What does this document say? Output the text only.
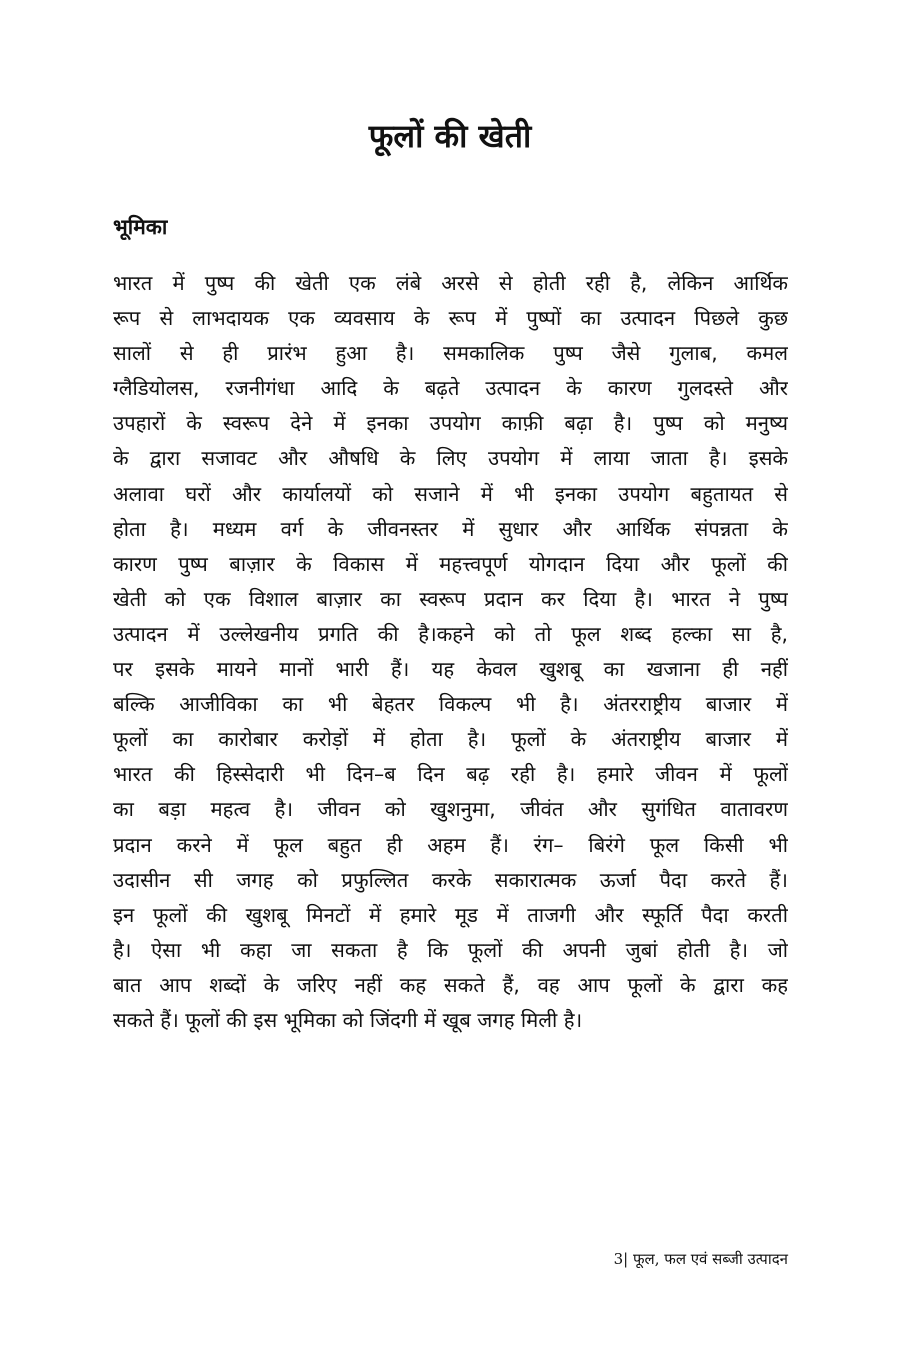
फूलों की खेती
भूमिका
भारत में पुष्प की खेती एक लंबे अरसे से होती रही है, लेकिन आर्थिक
रूप से लाभदायक एक व्यवसाय के रूप में पुष्पों का उत्पादन पिछले कुछ
सालों से ही प्रारंभ हुआ है। समकालिक पुष्प जैसे गुलाब, कमल
ग्लैडियोलस, रजनीगंधा आदि के बढ़ते उत्पादन के कारण गुलदस्ते और
उपहारों के स्वरूप देने में इनका उपयोग काफ़ी बढ़ा है। पुष्प को मनुष्य
के द्वारा सजावट और औषधि के लिए उपयोग में लाया जाता है। इसके
अलावा घरों और कार्यालयों को सजाने में भी इनका उपयोग बहुतायत से
होता है। मध्यम वर्ग के जीवनस्तर में सुधार और आर्थिक संपन्नता के
कारण पुष्प बाज़ार के विकास में महत्त्वपूर्ण योगदान दिया और फूलों की
खेती को एक विशाल बाज़ार का स्वरूप प्रदान कर दिया है। भारत ने पुष्प
उत्पादन में उल्लेखनीय प्रगति की है।कहने को तो फूल शब्द हल्का सा है,
पर इसके मायने मानों भारी हैं। यह केवल खुशबू का खजाना ही नहीं
बल्कि आजीविका का भी बेहतर विकल्प भी है। अंतरराष्ट्रीय बाजार में
फूलों का कारोबार करोड़ों में होता है। फूलों के अंतराष्ट्रीय बाजार में
भारत की हिस्सेदारी भी दिन–ब दिन बढ़ रही है। हमारे जीवन में फूलों
का बड़ा महत्व है। जीवन को खुशनुमा, जीवंत और सुगंधित वातावरण
प्रदान करने में फूल बहुत ही अहम हैं। रंग– बिरंगे फूल किसी भी
उदासीन सी जगह को प्रफुल्लित करके सकारात्मक ऊर्जा पैदा करते हैं।
इन फूलों की खुशबू मिनटों में हमारे मूड में ताजगी और स्फूर्ति पैदा करती
है। ऐसा भी कहा जा सकता है कि फूलों की अपनी जुबां होती है। जो
बात आप शब्दों के जरिए नहीं कह सकते हैं, वह आप फूलों के द्वारा कह
सकते हैं। फूलों की इस भूमिका को जिंदगी में खूब जगह मिली है।
3| फूल, फल एवं सब्जी उत्पादन
